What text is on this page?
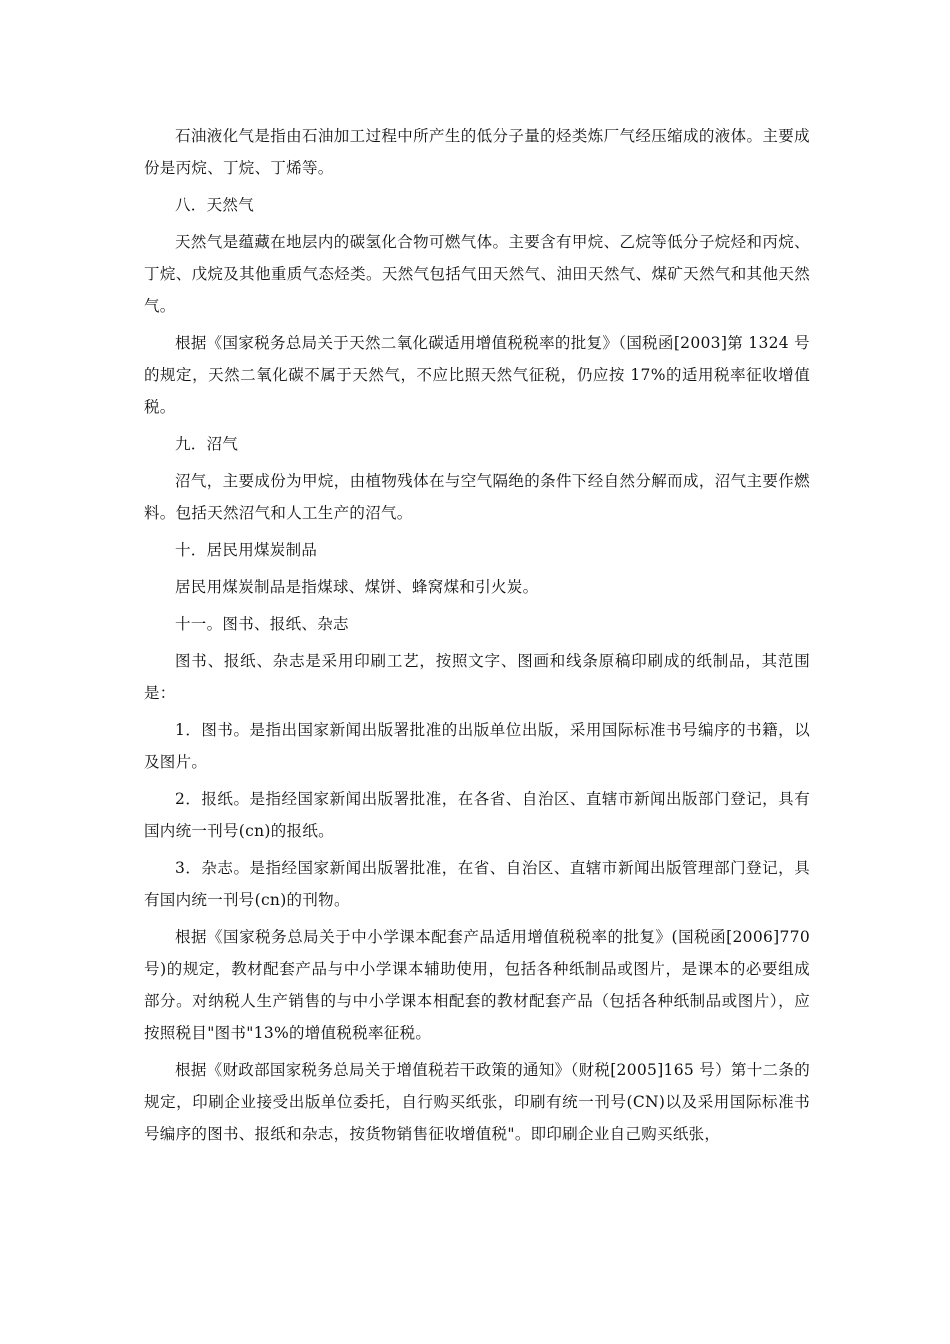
石油液化气是指由石油加工过程中所产生的低分子量的烃类炼厂气经压缩成的液体。主要成份是丙烷、丁烷、丁烯等。

八．天然气

天然气是蕴藏在地层内的碳氢化合物可燃气体。主要含有甲烷、乙烷等低分子烷烃和丙烷、丁烷、戊烷及其他重质气态烃类。天然气包括气田天然气、油田天然气、煤矿天然气和其他天然气。

根据《国家税务总局关于天然二氧化碳适用增值税税率的批复》（国税函[2003]第 1324 号的规定，天然二氧化碳不属于天然气，不应比照天然气征税，仍应按 17%的适用税率征收增值税。

九．沼气

沼气，主要成份为甲烷，由植物残体在与空气隔绝的条件下经自然分解而成，沼气主要作燃料。包括天然沼气和人工生产的沼气。

十．居民用煤炭制品

居民用煤炭制品是指煤球、煤饼、蜂窝煤和引火炭。

十一。图书、报纸、杂志

图书、报纸、杂志是采用印刷工艺，按照文字、图画和线条原稿印刷成的纸制品，其范围是：

1．图书。是指出国家新闻出版署批准的出版单位出版，采用国际标准书号编序的书籍，以及图片。

2．报纸。是指经国家新闻出版署批准，在各省、自治区、直辖市新闻出版部门登记，具有国内统一刊号(cn)的报纸。

3．杂志。是指经国家新闻出版署批准，在省、自治区、直辖市新闻出版管理部门登记，具有国内统一刊号(cn)的刊物。

根据《国家税务总局关于中小学课本配套产品适用增值税税率的批复》(国税函[2006]770号)的规定，教材配套产品与中小学课本辅助使用，包括各种纸制品或图片，是课本的必要组成部分。对纳税人生产销售的与中小学课本相配套的教材配套产品（包括各种纸制品或图片），应按照税目"图书"13%的增值税税率征税。

根据《财政部国家税务总局关于增值税若干政策的通知》（财税[2005]165 号）第十二条的规定，印刷企业接受出版单位委托，自行购买纸张，印刷有统一刊号(CN)以及采用国际标准书号编序的图书、报纸和杂志，按货物销售征收增值税"。即印刷企业自己购买纸张，
